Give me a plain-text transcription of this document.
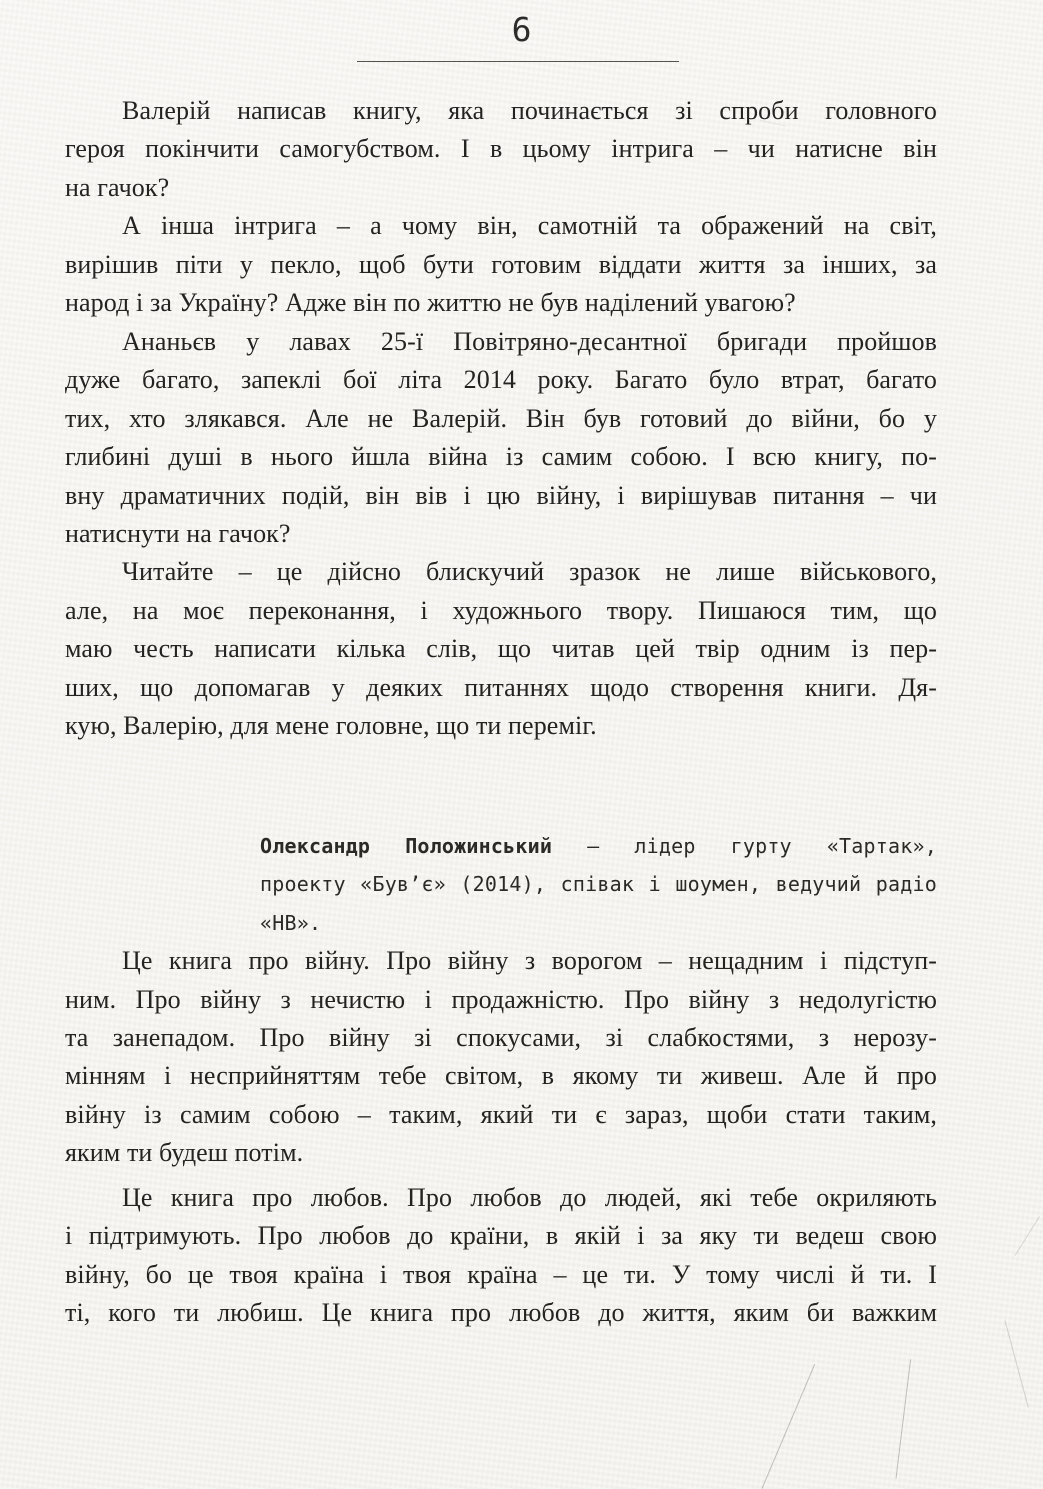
6
Валерій написав книгу, яка починається зі спроби головного
героя покінчити самогубством. І в цьому інтрига – чи натисне він
на гачок?
А інша інтрига – а чому він, самотній та ображений на світ,
вирішив піти у пекло, щоб бути готовим віддати життя за інших, за
народ і за Україну? Адже він по життю не був наділений увагою?
Ананьєв у лавах 25-ї Повітряно-десантної бригади пройшов
дуже багато, запеклі бої літа 2014 року. Багато було втрат, багато
тих, хто злякався. Але не Валерій. Він був готовий до війни, бо у
глибині душі в нього йшла війна із самим собою. І всю книгу, по-
вну драматичних подій, він вів і цю війну, і вирішував питання – чи
натиснути на гачок?
Читайте – це дійсно блискучий зразок не лише військового,
але, на моє переконання, і художнього твору. Пишаюся тим, що
маю честь написати кілька слів, що читав цей твір одним із пер-
ших, що допомагав у деяких питаннях щодо створення книги. Дя-
кую, Валерію, для мене головне, що ти переміг.
Олександр Положинський – лідер гурту «Тартак»,
проекту «Був’є» (2014), співак і шоумен, ведучий радіо
«НВ».
Це книга про війну. Про війну з ворогом – нещадним і підступ-
ним. Про війну з нечистю і продажністю. Про війну з недолугістю
та занепадом. Про війну зі спокусами, зі слабкостями, з нерозу-
мінням і несприйняттям тебе світом, в якому ти живеш. Але й про
війну із самим собою – таким, який ти є зараз, щоби стати таким,
яким ти будеш потім.
Це книга про любов. Про любов до людей, які тебе окриляють
і підтримують. Про любов до країни, в якій і за яку ти ведеш свою
війну, бо це твоя країна і твоя країна – це ти. У тому числі й ти. І
ті, кого ти любиш. Це книга про любов до життя, яким би важким
